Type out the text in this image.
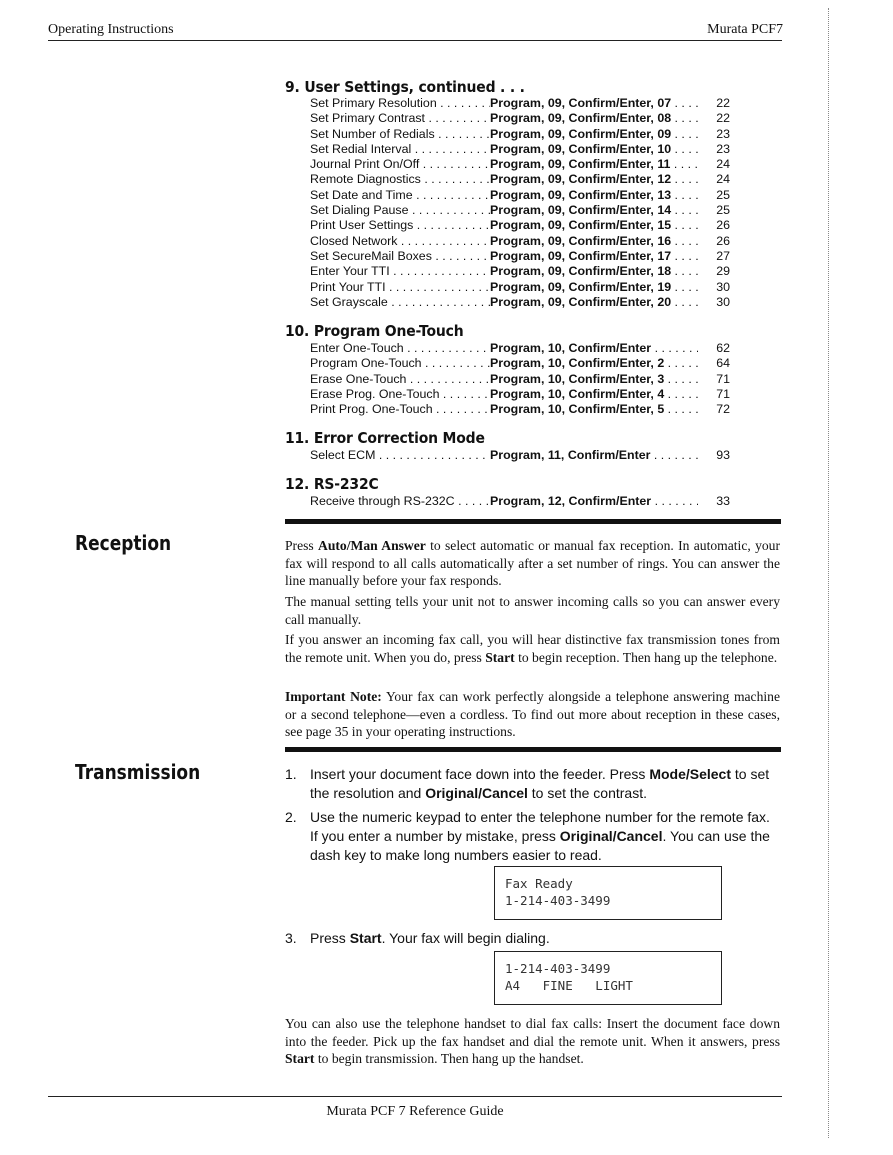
Operating Instructions	Murata PCF7
9. User Settings, continued . . .
Set Primary Resolution . . .	Program, 09, Confirm/Enter, 07 . . .	22
Set Primary Contrast . . .	Program, 09, Confirm/Enter, 08 . . .	22
Set Number of Redials . . .	Program, 09, Confirm/Enter, 09 . . .	23
Set Redial Interval . . .	Program, 09, Confirm/Enter, 10 . . .	23
Journal Print On/Off . . .	Program, 09, Confirm/Enter, 11 . . .	24
Remote Diagnostics . . .	Program, 09, Confirm/Enter, 12 . . .	24
Set Date and Time . . .	Program, 09, Confirm/Enter, 13 . . .	25
Set Dialing Pause . . .	Program, 09, Confirm/Enter, 14 . . .	25
Print User Settings . . .	Program, 09, Confirm/Enter, 15 . . .	26
Closed Network . . .	Program, 09, Confirm/Enter, 16 . . .	26
Set SecureMail Boxes . . .	Program, 09, Confirm/Enter, 17 . . .	27
Enter Your TTI . . .	Program, 09, Confirm/Enter, 18 . . .	29
Print Your TTI . . .	Program, 09, Confirm/Enter, 19 . . .	30
Set Grayscale . . .	Program, 09, Confirm/Enter, 20 . . .	30
10. Program One-Touch
Enter One-Touch . . .	Program, 10, Confirm/Enter . . .	62
Program One-Touch . . .	Program, 10, Confirm/Enter, 2 . . .	64
Erase One-Touch . . .	Program, 10, Confirm/Enter, 3 . . .	71
Erase Prog. One-Touch . . .	Program, 10, Confirm/Enter, 4 . . .	71
Print Prog. One-Touch . . .	Program, 10, Confirm/Enter, 5 . . .	72
11. Error Correction Mode
Select ECM . . .	Program, 11, Confirm/Enter . . .	93
12. RS-232C
Receive through RS-232C . . .	Program, 12, Confirm/Enter . . .	33
Reception	Press Auto/Man Answer to select automatic or manual fax reception. In automatic, your fax will respond to all calls automatically after a set number of rings. You can answer the line manually before your fax responds.

The manual setting tells your unit not to answer incoming calls so you can answer every call manually.

If you answer an incoming fax call, you will hear distinctive fax transmission tones from the remote unit. When you do, press Start to begin reception. Then hang up the telephone.

Important Note: Your fax can work perfectly alongside a telephone answering machine or a second telephone—even a cordless. To find out more about reception in these cases, see page 35 in your operating instructions.

Transmission	1. Insert your document face down into the feeder. Press Mode/Select to set the resolution and Original/Cancel to set the contrast.
2. Use the numeric keypad to enter the telephone number for the remote fax. If you enter a number by mistake, press Original/Cancel. You can use the dash key to make long numbers easier to read.
Fax Ready
1-214-403-3499
3. Press Start. Your fax will begin dialing.
1-214-403-3499
A4   FINE   LIGHT

You can also use the telephone handset to dial fax calls: Insert the document face down into the feeder. Pick up the fax handset and dial the remote unit. When it answers, press Start to begin transmission. Then hang up the handset.

Murata PCF 7 Reference Guide
